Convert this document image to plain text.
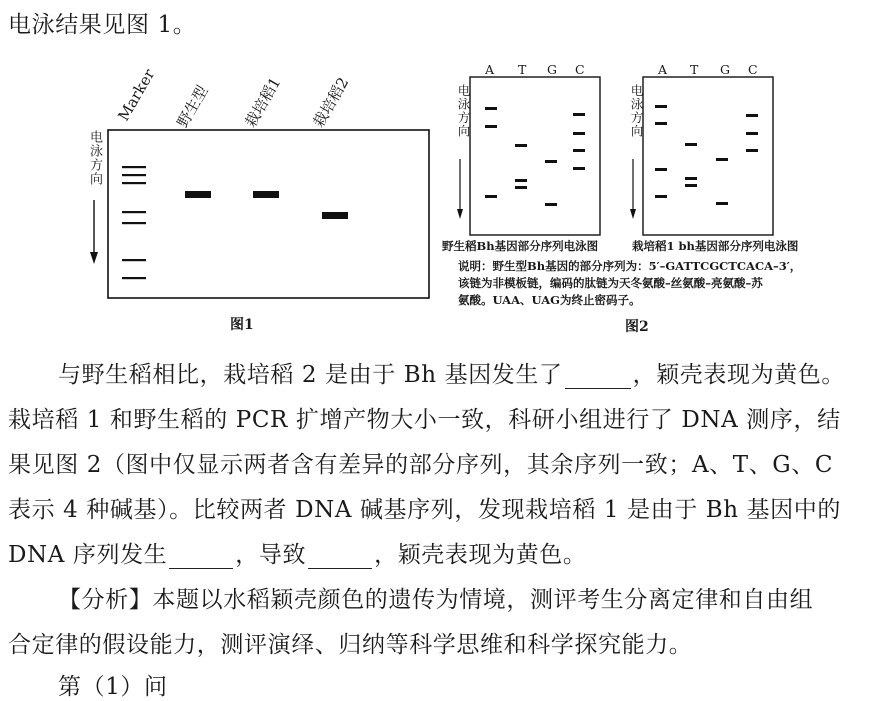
电泳结果见图 1。
电泳方向
Marker 野生型 栽培稻1 栽培稻2
图1
A T G C	A T G C
电泳方向	电泳方向
野生稻Bh基因部分序列电泳图	栽培稻1 bh基因部分序列电泳图
说明：野生型Bh基因的部分序列为：5′–GATTCGCTCACA–3′，
该链为非模板链，编码的肽链为天冬氨酸–丝氨酸–亮氨酸–苏
氨酸。UAA、UAG为终止密码子。
图2
与野生稻相比，栽培稻 2 是由于 Bh 基因发生了	，颖壳表现为黄色。
栽培稻 1 和野生稻的 PCR 扩增产物大小一致，科研小组进行了 DNA 测序，结
果见图 2（图中仅显示两者含有差异的部分序列，其余序列一致；A、T、G、C
表示 4 种碱基）。比较两者 DNA 碱基序列，发现栽培稻 1 是由于 Bh 基因中的
DNA 序列发生	，导致	，颖壳表现为黄色。
【分析】本题以水稻颖壳颜色的遗传为情境，测评考生分离定律和自由组
合定律的假设能力，测评演绎、归纳等科学思维和科学探究能力。
第（1）问
